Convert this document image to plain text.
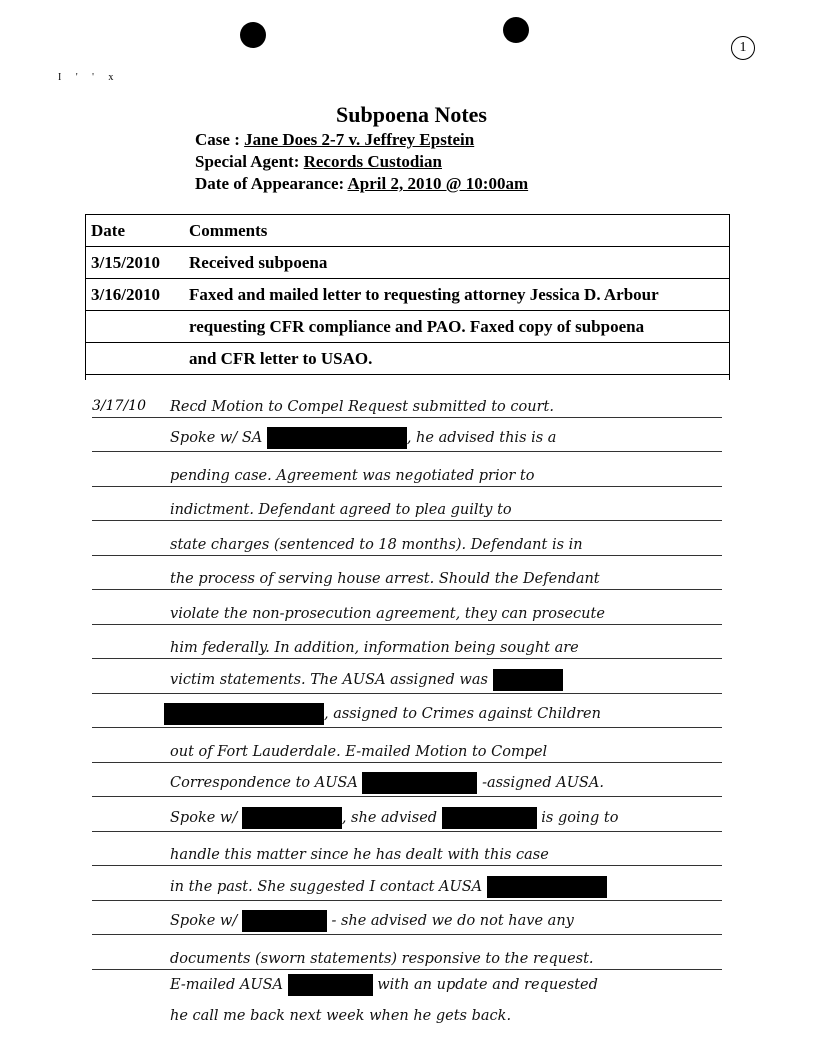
1
I ' ' x
Subpoena Notes
Case : Jane Does 2-7 v. Jeffrey Epstein
Special Agent: Records Custodian
Date of Appearance: April 2, 2010 @ 10:00am
Date	Comments
3/15/2010	Received subpoena
3/16/2010	Faxed and mailed letter to requesting attorney Jessica D. Arbour
	requesting CFR compliance and PAO. Faxed copy of subpoena
	and CFR letter to USAO.
3/17/10 Recd Motion to Compel Request submitted to court.
Spoke w/ SA	, he advised this is a
pending case. Agreement was negotiated prior to
indictment. Defendant agreed to plea guilty to
state charges (sentenced to 18 months). Defendant is in
the process of serving house arrest. Should the Defendant
violate the non-prosecution agreement, they can prosecute
him federally. In addition, information being sought are
victim statements. The AUSA assigned was
, assigned to Crimes against Children
out of Fort Lauderdale. E-mailed Motion to Compel
Correspondence to AUSA	-assigned AUSA.
Spoke w/	, she advised	is going to
handle this matter since he has dealt with this case
in the past. She suggested I contact AUSA
Spoke w/	- she advised we do not have any
documents (sworn statements) responsive to the request.
E-mailed AUSA	with an update and requested
he call me back next week when he gets back.
